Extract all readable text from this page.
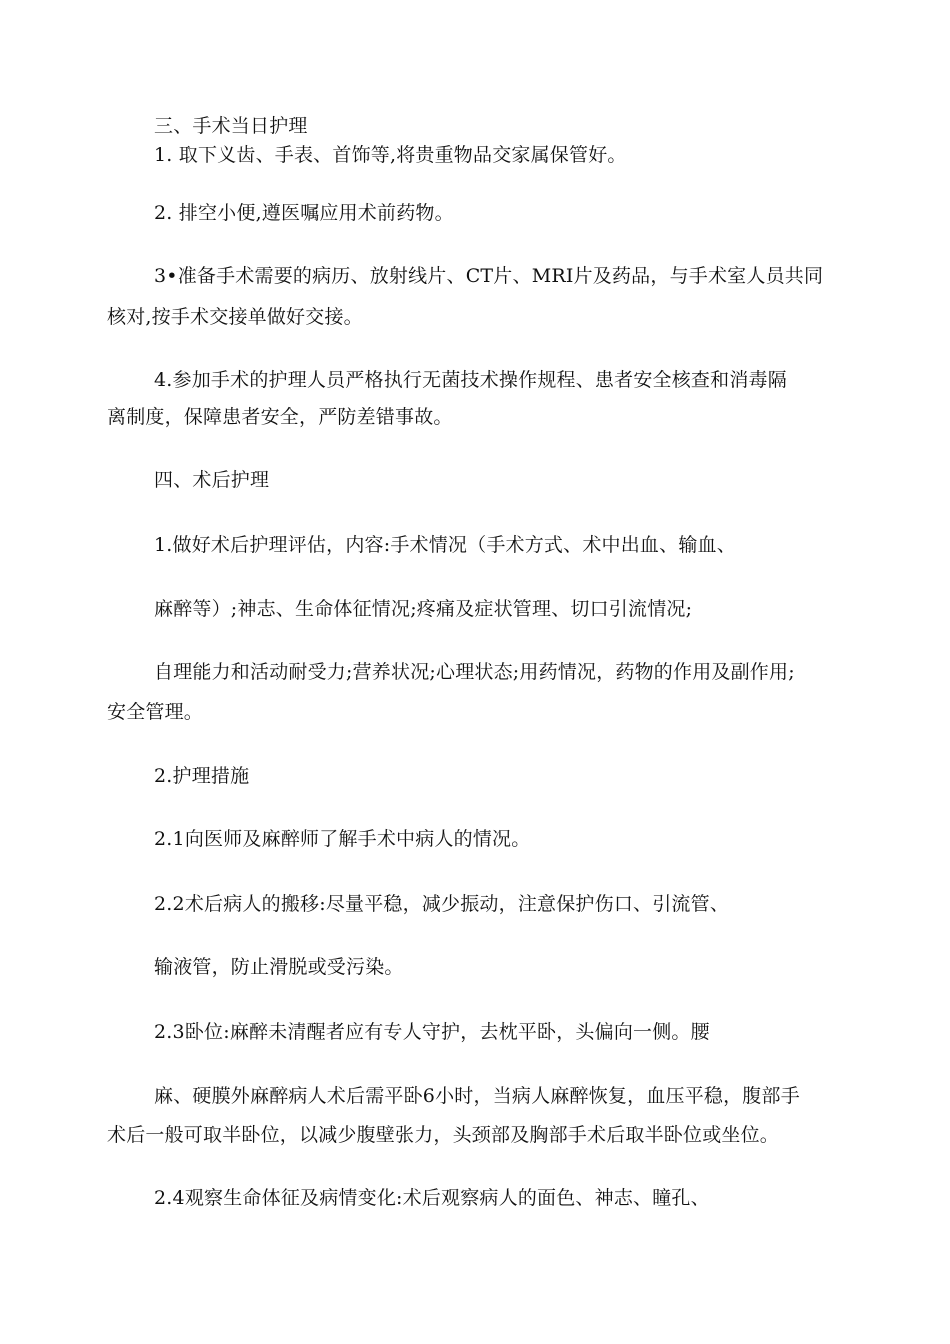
三、手术当日护理
1. 取下义齿、手表、首饰等,将贵重物品交家属保管好。
2. 排空小便,遵医嘱应用术前药物。
3•准备手术需要的病历、放射线片、CT片、MRI片及药品，与手术室人员共同
核对,按手术交接单做好交接。
4.参加手术的护理人员严格执行无菌技术操作规程、患者安全核查和消毒隔
离制度，保障患者安全，严防差错事故。
四、术后护理
1.做好术后护理评估，内容:手术情况（手术方式、术中出血、输血、
麻醉等）;神志、生命体征情况;疼痛及症状管理、切口引流情况;
自理能力和活动耐受力;营养状况;心理状态;用药情况，药物的作用及副作用;
安全管理。
2.护理措施
2.1向医师及麻醉师了解手术中病人的情况。
2.2术后病人的搬移:尽量平稳，减少振动，注意保护伤口、引流管、
输液管，防止滑脱或受污染。
2.3卧位:麻醉未清醒者应有专人守护，去枕平卧，头偏向一侧。腰
麻、硬膜外麻醉病人术后需平卧6小时，当病人麻醉恢复，血压平稳，腹部手
术后一般可取半卧位，以减少腹壁张力，头颈部及胸部手术后取半卧位或坐位。
2.4观察生命体征及病情变化:术后观察病人的面色、神志、瞳孔、
